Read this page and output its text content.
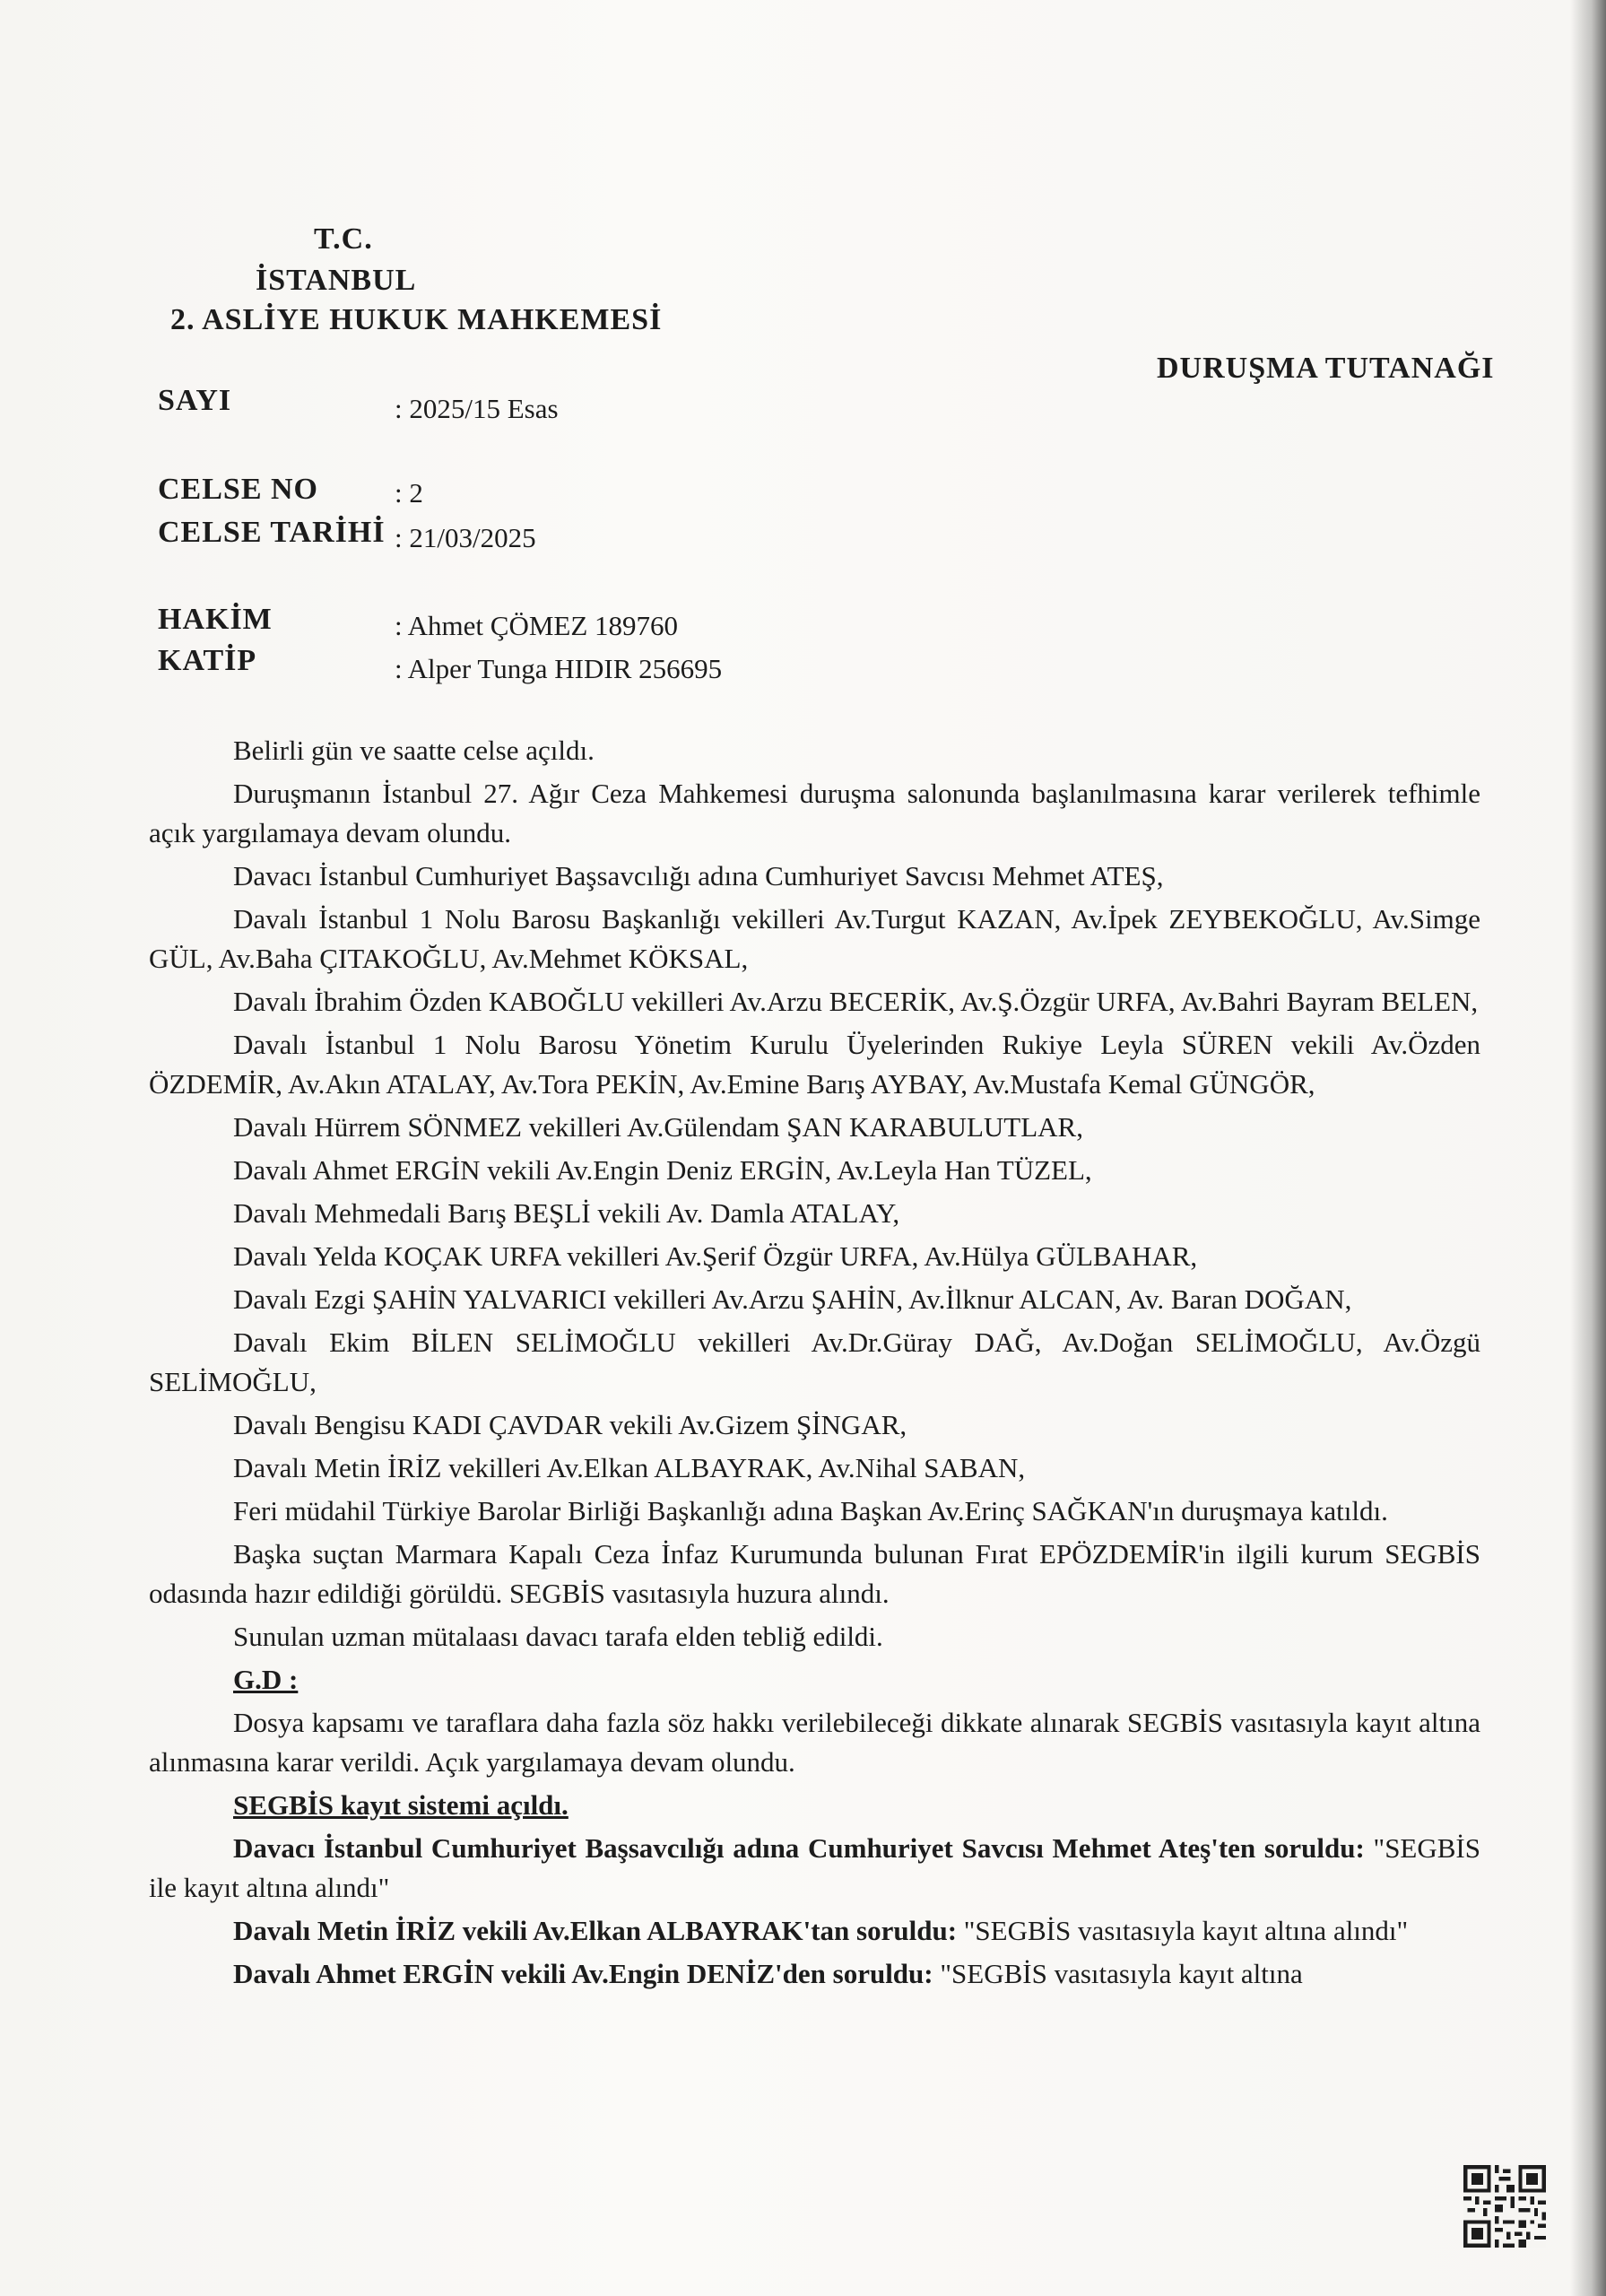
T.C.
İSTANBUL
2. ASLİYE HUKUK MAHKEMESİ
DURUŞMA TUTANAĞI
SAYI	: 2025/15 Esas
CELSE NO	: 2
CELSE TARİHİ : 21/03/2025
HAKİM	: Ahmet ÇÖMEZ 189760
KATİP	: Alper Tunga HIDIR 256695

Belirli gün ve saatte celse açıldı.

Duruşmanın İstanbul 27. Ağır Ceza Mahkemesi duruşma salonunda başlanılmasına karar verilerek tefhimle açık yargılamaya devam olundu.

Davacı İstanbul Cumhuriyet Başsavcılığı adına Cumhuriyet Savcısı Mehmet ATEŞ,

Davalı İstanbul 1 Nolu Barosu Başkanlığı vekilleri Av.Turgut KAZAN, Av.İpek ZEYBEKOĞLU, Av.Simge GÜL, Av.Baha ÇITAKOĞLU, Av.Mehmet KÖKSAL,

Davalı İbrahim Özden KABOĞLU vekilleri Av.Arzu BECERİK, Av.Ş.Özgür URFA, Av.Bahri Bayram BELEN,

Davalı İstanbul 1 Nolu Barosu Yönetim Kurulu Üyelerinden Rukiye Leyla SÜREN vekili Av.Özden ÖZDEMİR, Av.Akın ATALAY, Av.Tora PEKİN, Av.Emine Barış AYBAY, Av.Mustafa Kemal GÜNGÖR,

Davalı Hürrem SÖNMEZ vekilleri Av.Gülendam ŞAN KARABULUTLAR,

Davalı Ahmet ERGİN vekili Av.Engin Deniz ERGİN, Av.Leyla Han TÜZEL,

Davalı Mehmedali Barış BEŞLİ vekili Av. Damla ATALAY,

Davalı Yelda KOÇAK URFA vekilleri Av.Şerif Özgür URFA, Av.Hülya GÜLBAHAR,

Davalı Ezgi ŞAHİN YALVARICI vekilleri Av.Arzu ŞAHİN, Av.İlknur ALCAN, Av. Baran DOĞAN,

Davalı Ekim BİLEN SELİMOĞLU vekilleri Av.Dr.Güray DAĞ, Av.Doğan SELİMOĞLU, Av.Özgü SELİMOĞLU,

Davalı Bengisu KADI ÇAVDAR vekili Av.Gizem ŞİNGAR,

Davalı Metin İRİZ vekilleri Av.Elkan ALBAYRAK, Av.Nihal SABAN,

Feri müdahil Türkiye Barolar Birliği Başkanlığı adına Başkan Av.Erinç SAĞKAN'ın duruşmaya katıldı.

Başka suçtan Marmara Kapalı Ceza İnfaz Kurumunda bulunan Fırat EPÖZDEMİR'in ilgili kurum SEGBİS odasında hazır edildiği görüldü. SEGBİS vasıtasıyla huzura alındı.

Sunulan uzman mütalaası davacı tarafa elden tebliğ edildi.

G.D :

Dosya kapsamı ve taraflara daha fazla söz hakkı verilebileceği dikkate alınarak SEGBİS vasıtasıyla kayıt altına alınmasına karar verildi. Açık yargılamaya devam olundu.

SEGBİS kayıt sistemi açıldı.

Davacı İstanbul Cumhuriyet Başsavcılığı adına Cumhuriyet Savcısı Mehmet Ateş'ten soruldu: "SEGBİS ile kayıt altına alındı"

Davalı Metin İRİZ vekili Av.Elkan ALBAYRAK'tan soruldu: "SEGBİS vasıtasıyla kayıt altına alındı"

Davalı Ahmet ERGİN vekili Av.Engin DENİZ'den soruldu: "SEGBİS vasıtasıyla kayıt altına
